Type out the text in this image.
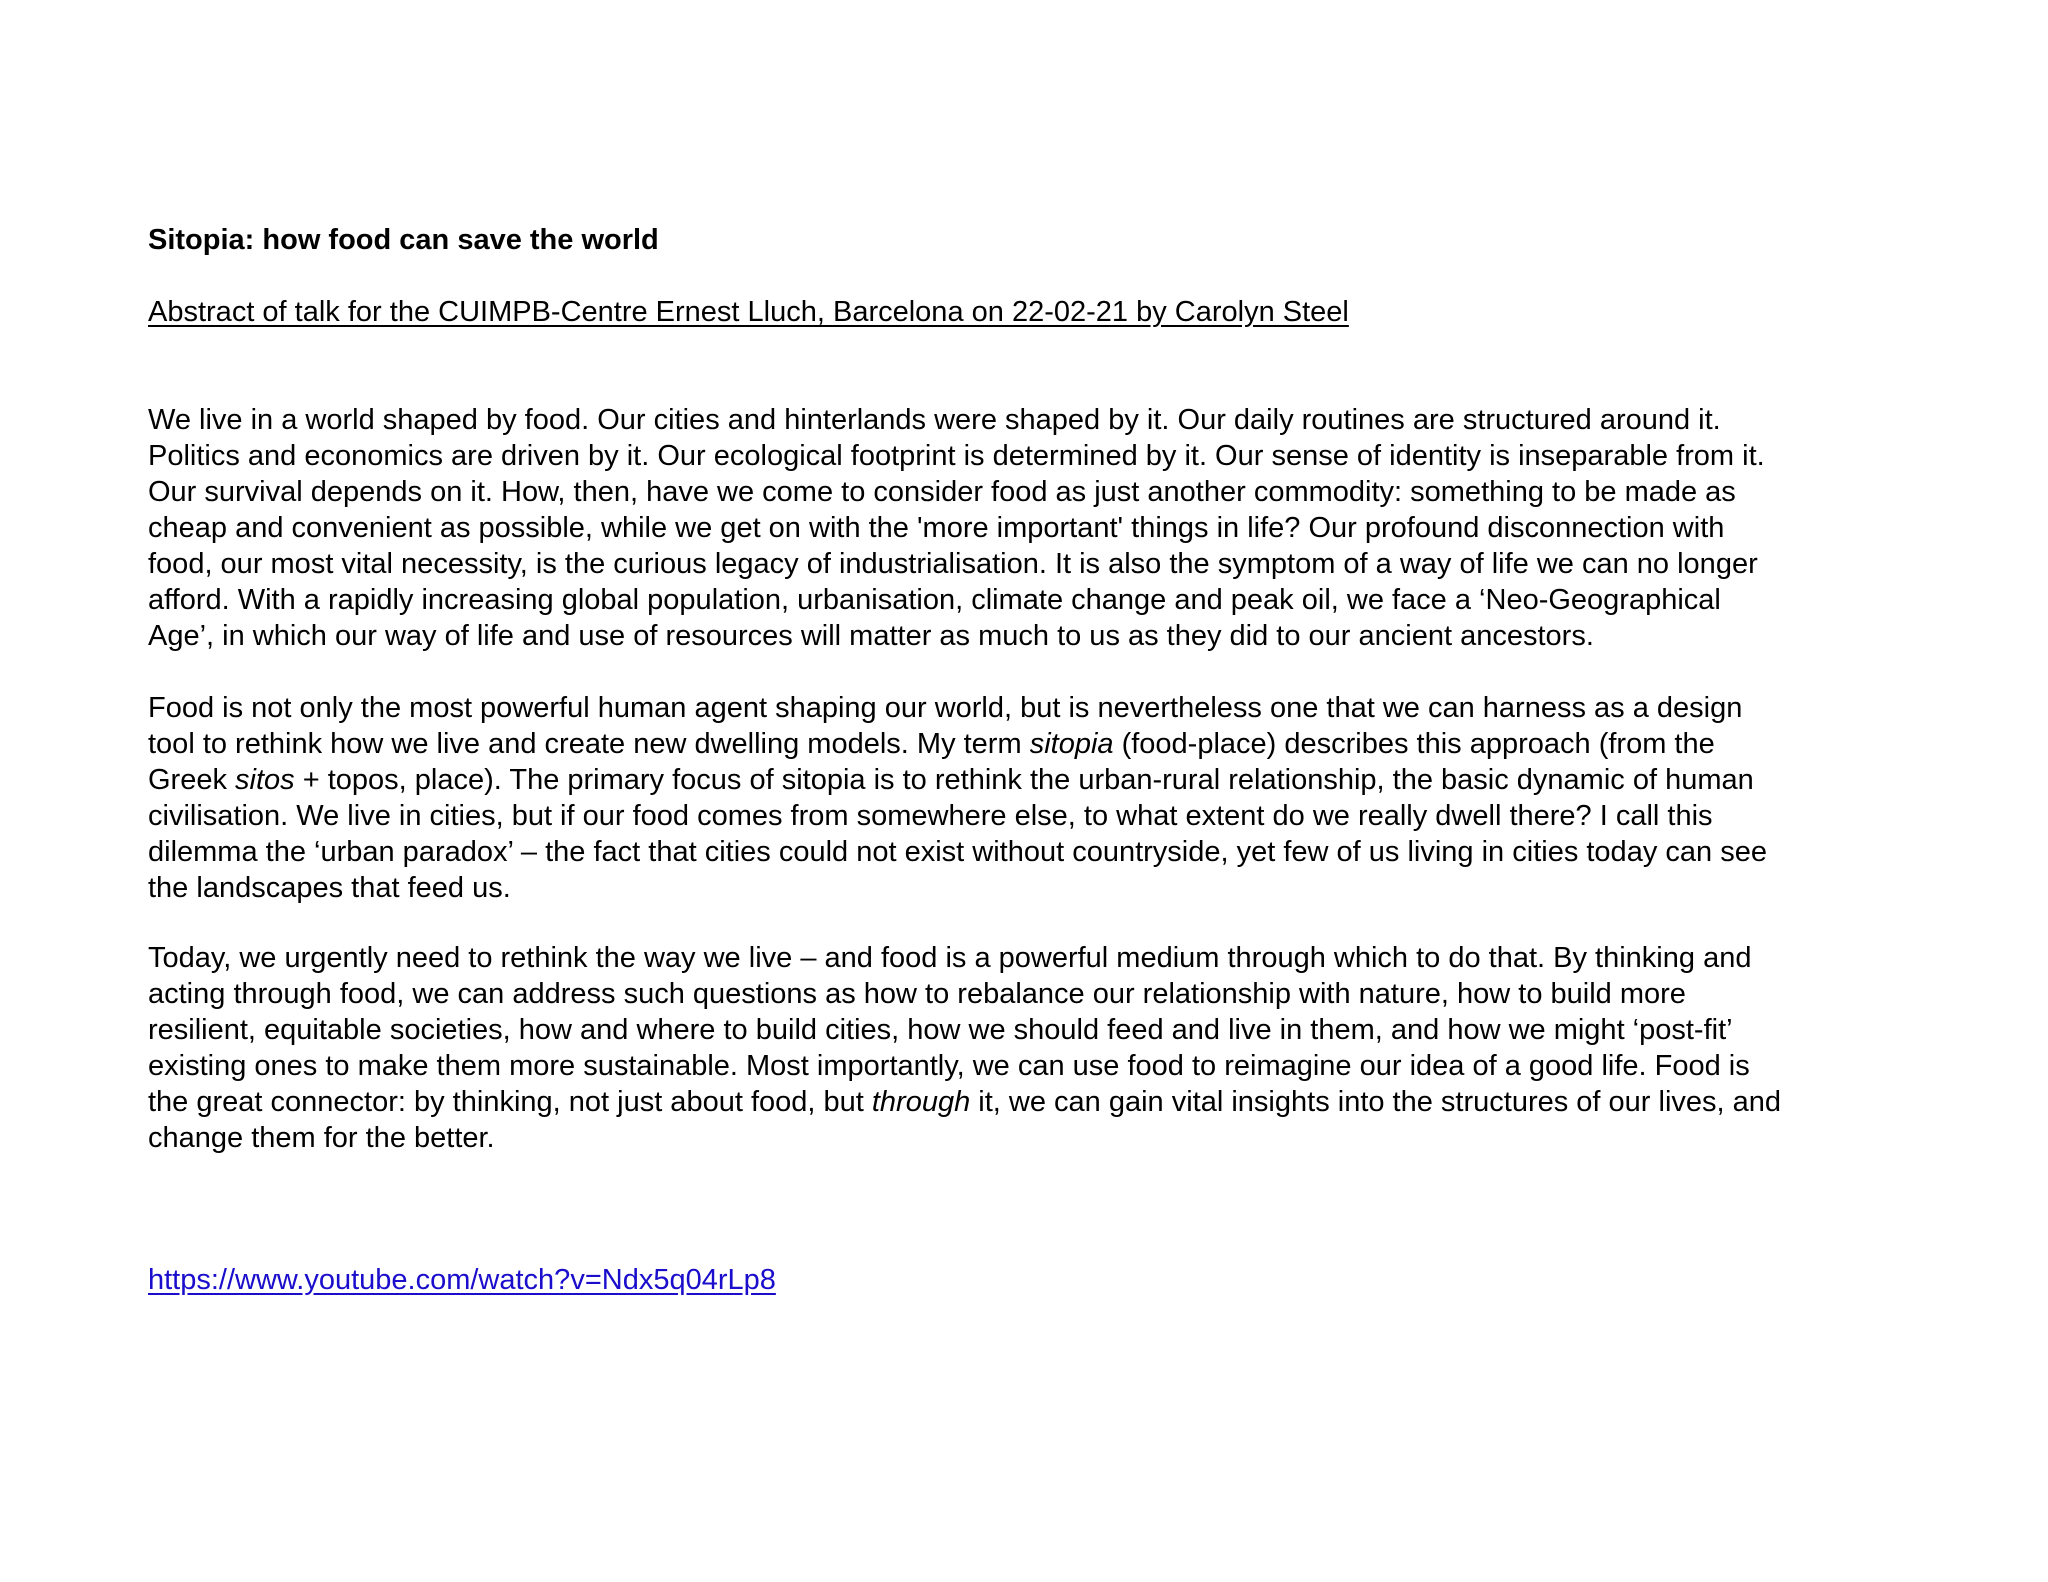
Sitopia: how food can save the world

Abstract of talk for the CUIMPB-Centre Ernest Lluch, Barcelona on 22-02-21 by Carolyn Steel

We live in a world shaped by food. Our cities and hinterlands were shaped by it. Our daily routines are structured around it.
Politics and economics are driven by it. Our ecological footprint is determined by it. Our sense of identity is inseparable from it.
Our survival depends on it. How, then, have we come to consider food as just another commodity: something to be made as
cheap and convenient as possible, while we get on with the 'more important' things in life? Our profound disconnection with
food, our most vital necessity, is the curious legacy of industrialisation. It is also the symptom of a way of life we can no longer
afford. With a rapidly increasing global population, urbanisation, climate change and peak oil, we face a ‘Neo-Geographical
Age’, in which our way of life and use of resources will matter as much to us as they did to our ancient ancestors.

Food is not only the most powerful human agent shaping our world, but is nevertheless one that we can harness as a design
tool to rethink how we live and create new dwelling models. My term sitopia (food-place) describes this approach (from the
Greek sitos + topos, place). The primary focus of sitopia is to rethink the urban-rural relationship, the basic dynamic of human
civilisation. We live in cities, but if our food comes from somewhere else, to what extent do we really dwell there? I call this
dilemma the ‘urban paradox’ – the fact that cities could not exist without countryside, yet few of us living in cities today can see
the landscapes that feed us.

Today, we urgently need to rethink the way we live – and food is a powerful medium through which to do that. By thinking and
acting through food, we can address such questions as how to rebalance our relationship with nature, how to build more
resilient, equitable societies, how and where to build cities, how we should feed and live in them, and how we might ‘post-fit’
existing ones to make them more sustainable. Most importantly, we can use food to reimagine our idea of a good life. Food is
the great connector: by thinking, not just about food, but through it, we can gain vital insights into the structures of our lives, and
change them for the better.

https://www.youtube.com/watch?v=Ndx5q04rLp8
